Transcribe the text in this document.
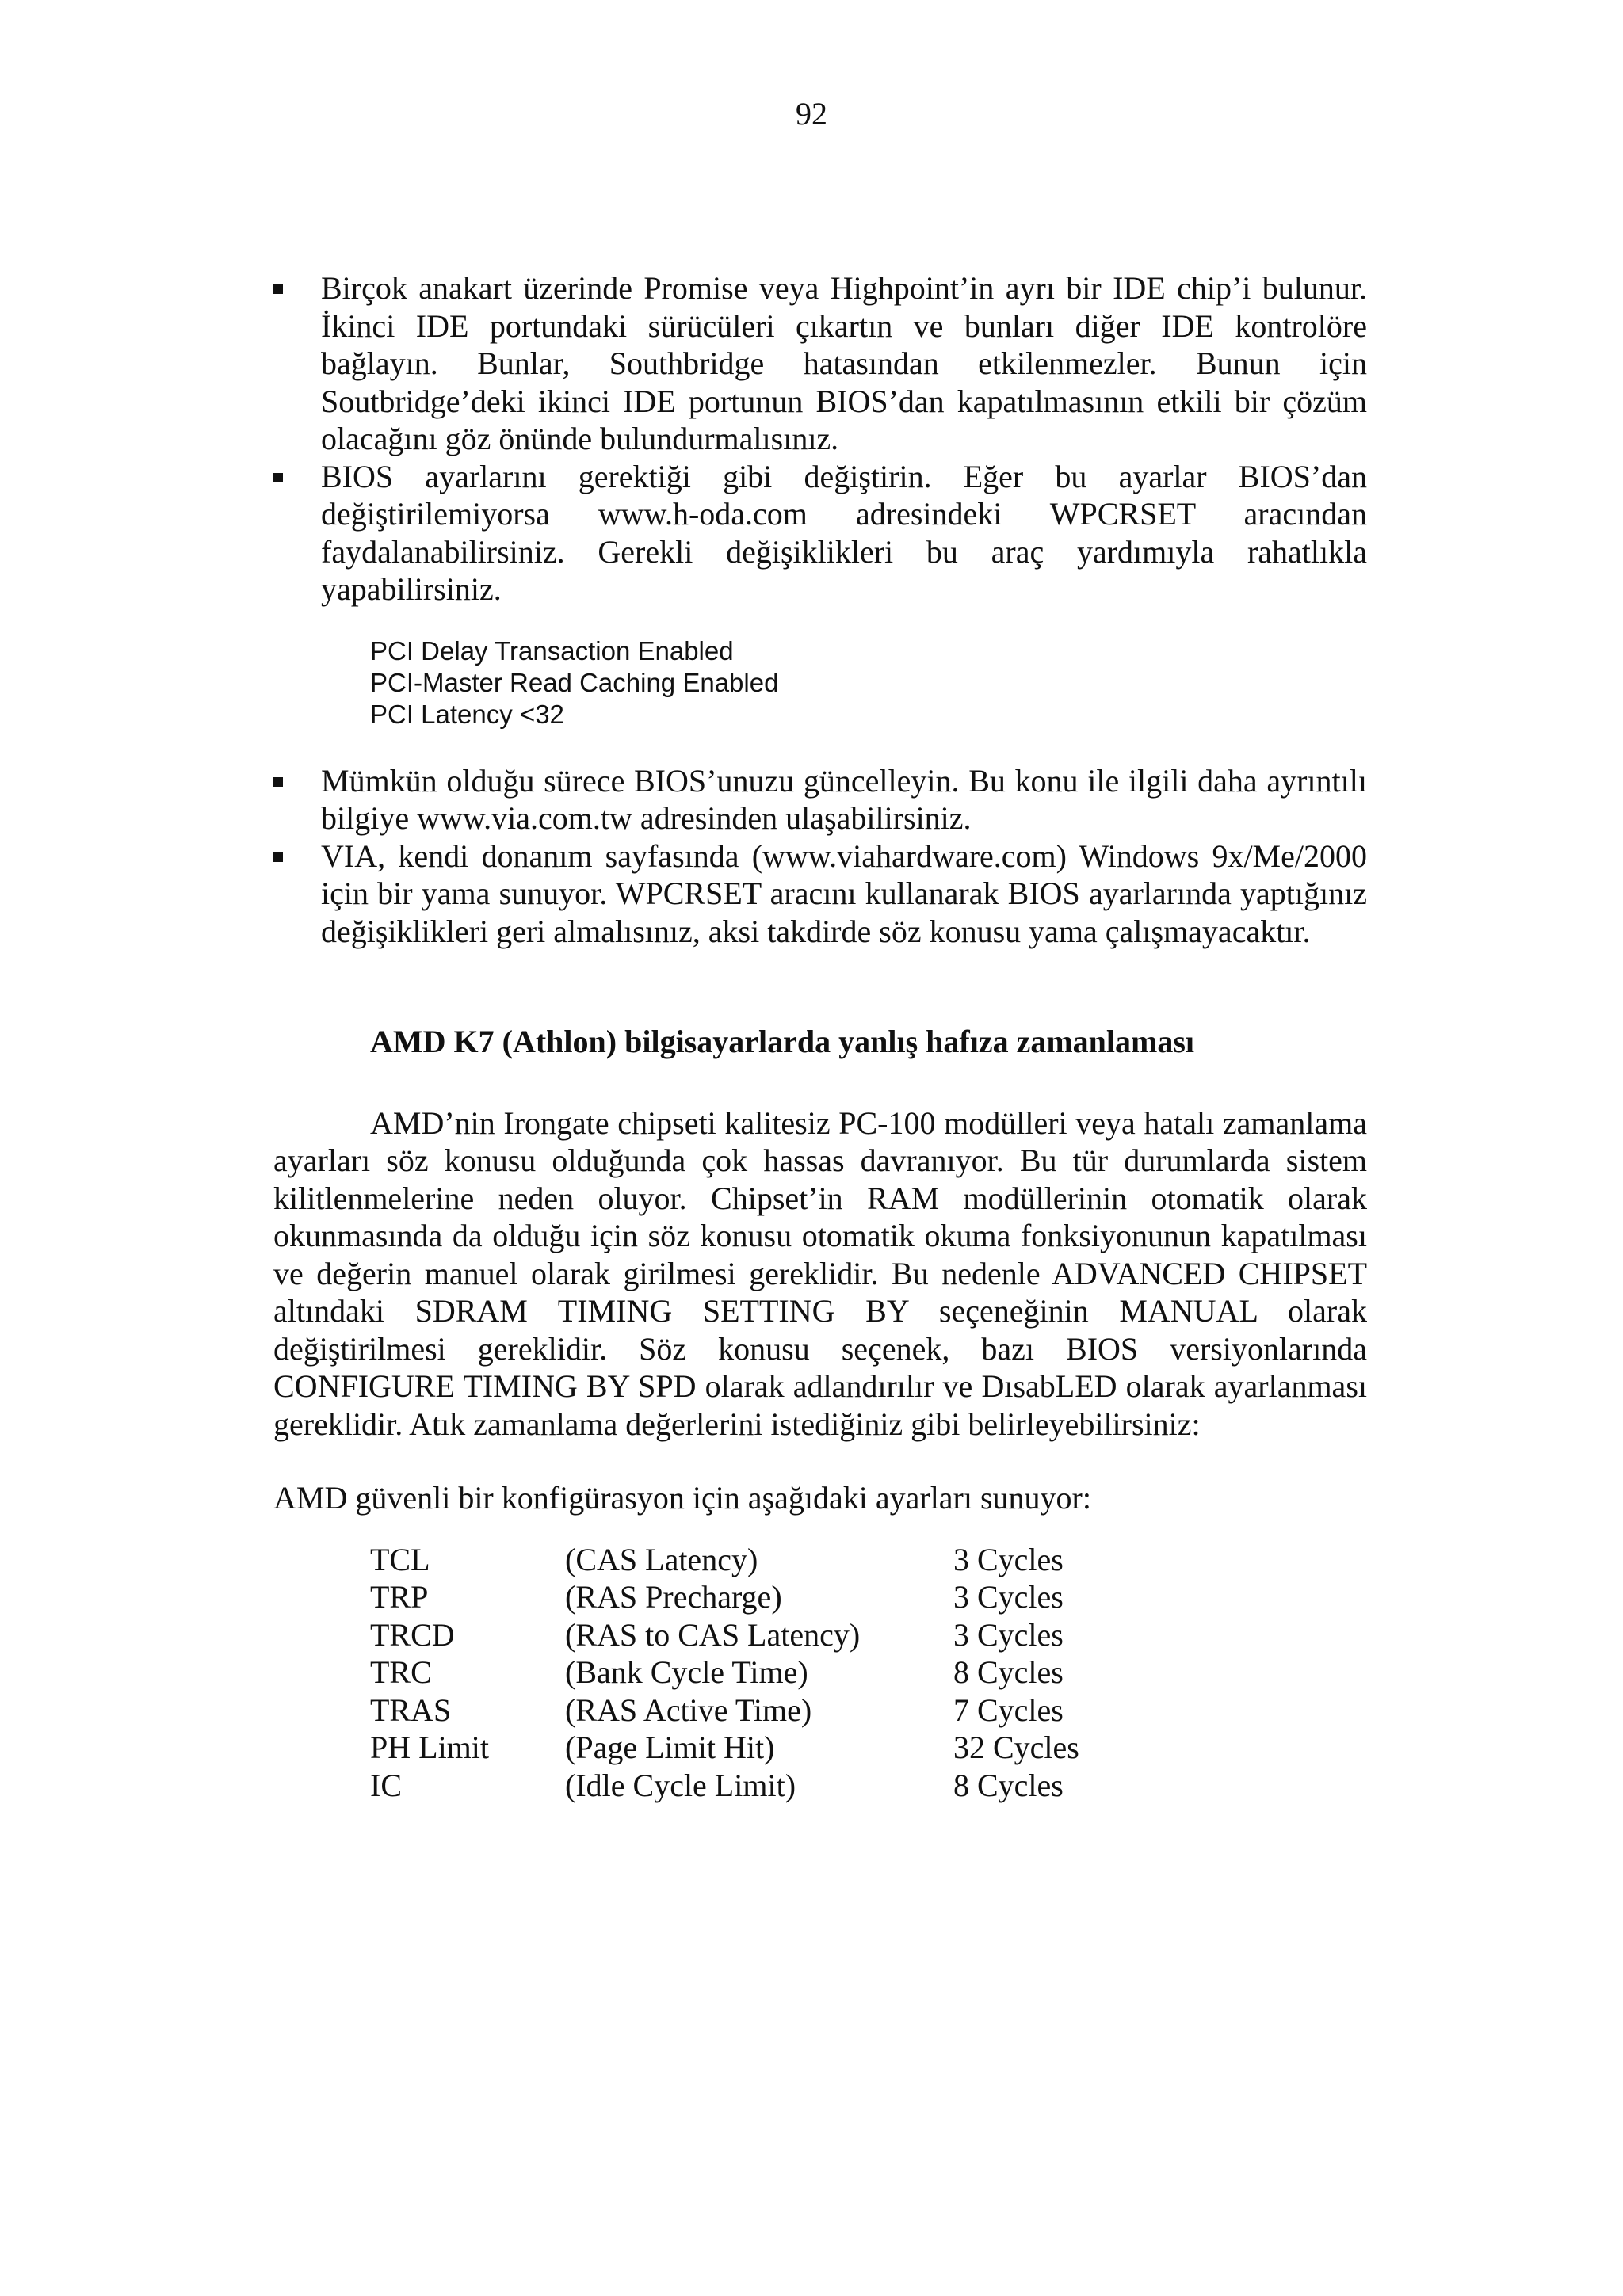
92
Birçok anakart üzerinde Promise veya Highpoint’in ayrı bir IDE chip’i bulunur. İkinci IDE portundaki sürücüleri çıkartın ve bunları diğer IDE kontrolöre bağlayın. Bunlar, Southbridge hatasından etkilenmezler. Bunun için Soutbridge’deki ikinci IDE portunun BIOS’dan kapatılmasının etkili bir çözüm olacağını göz önünde bulundurmalısınız.
BIOS ayarlarını gerektiği gibi değiştirin. Eğer bu ayarlar BIOS’dan değiştirilemiyorsa www.h-oda.com adresindeki WPCRSET aracından faydalanabilirsiniz. Gerekli değişiklikleri bu araç yardımıyla rahatlıkla yapabilirsiniz.
PCI Delay Transaction Enabled
PCI-Master Read Caching Enabled
PCI Latency <32
Mümkün olduğu sürece BIOS’unuzu güncelleyin. Bu konu ile ilgili daha ayrıntılı bilgiye www.via.com.tw adresinden ulaşabilirsiniz.
VIA, kendi donanım sayfasında (www.viahardware.com) Windows 9x/Me/2000 için bir yama sunuyor. WPCRSET aracını kullanarak BIOS ayarlarında yaptığınız değişiklikleri geri almalısınız, aksi takdirde söz konusu yama çalışmayacaktır.
AMD K7 (Athlon) bilgisayarlarda yanlış hafıza zamanlaması

AMD’nin Irongate chipseti kalitesiz PC-100 modülleri veya hatalı zamanlama ayarları söz konusu olduğunda çok hassas davranıyor. Bu tür durumlarda sistem kilitlenmelerine neden oluyor. Chipset’in RAM modüllerinin otomatik olarak okunmasında da olduğu için söz konusu otomatik okuma fonksiyonunun kapatılması ve değerin manuel olarak girilmesi gereklidir. Bu nedenle ADVANCED CHIPSET altındaki SDRAM TIMING SETTING BY seçeneğinin MANUAL olarak değiştirilmesi gereklidir. Söz konusu seçenek, bazı BIOS versiyonlarında CONFIGURE TIMING BY SPD olarak adlandırılır ve DısabLED olarak ayarlanması gereklidir. Atık zamanlama değerlerini istediğiniz gibi belirleyebilirsiniz:

AMD güvenli bir konfigürasyon için aşağıdaki ayarları sunuyor:

TCL	(CAS Latency)	3 Cycles
TRP	(RAS Precharge)	3 Cycles
TRCD	(RAS to CAS Latency)	3 Cycles
TRC	(Bank Cycle Time)	8 Cycles
TRAS	(RAS Active Time)	7 Cycles
PH Limit	(Page Limit Hit)	32 Cycles
IC	(Idle Cycle Limit)	8 Cycles
